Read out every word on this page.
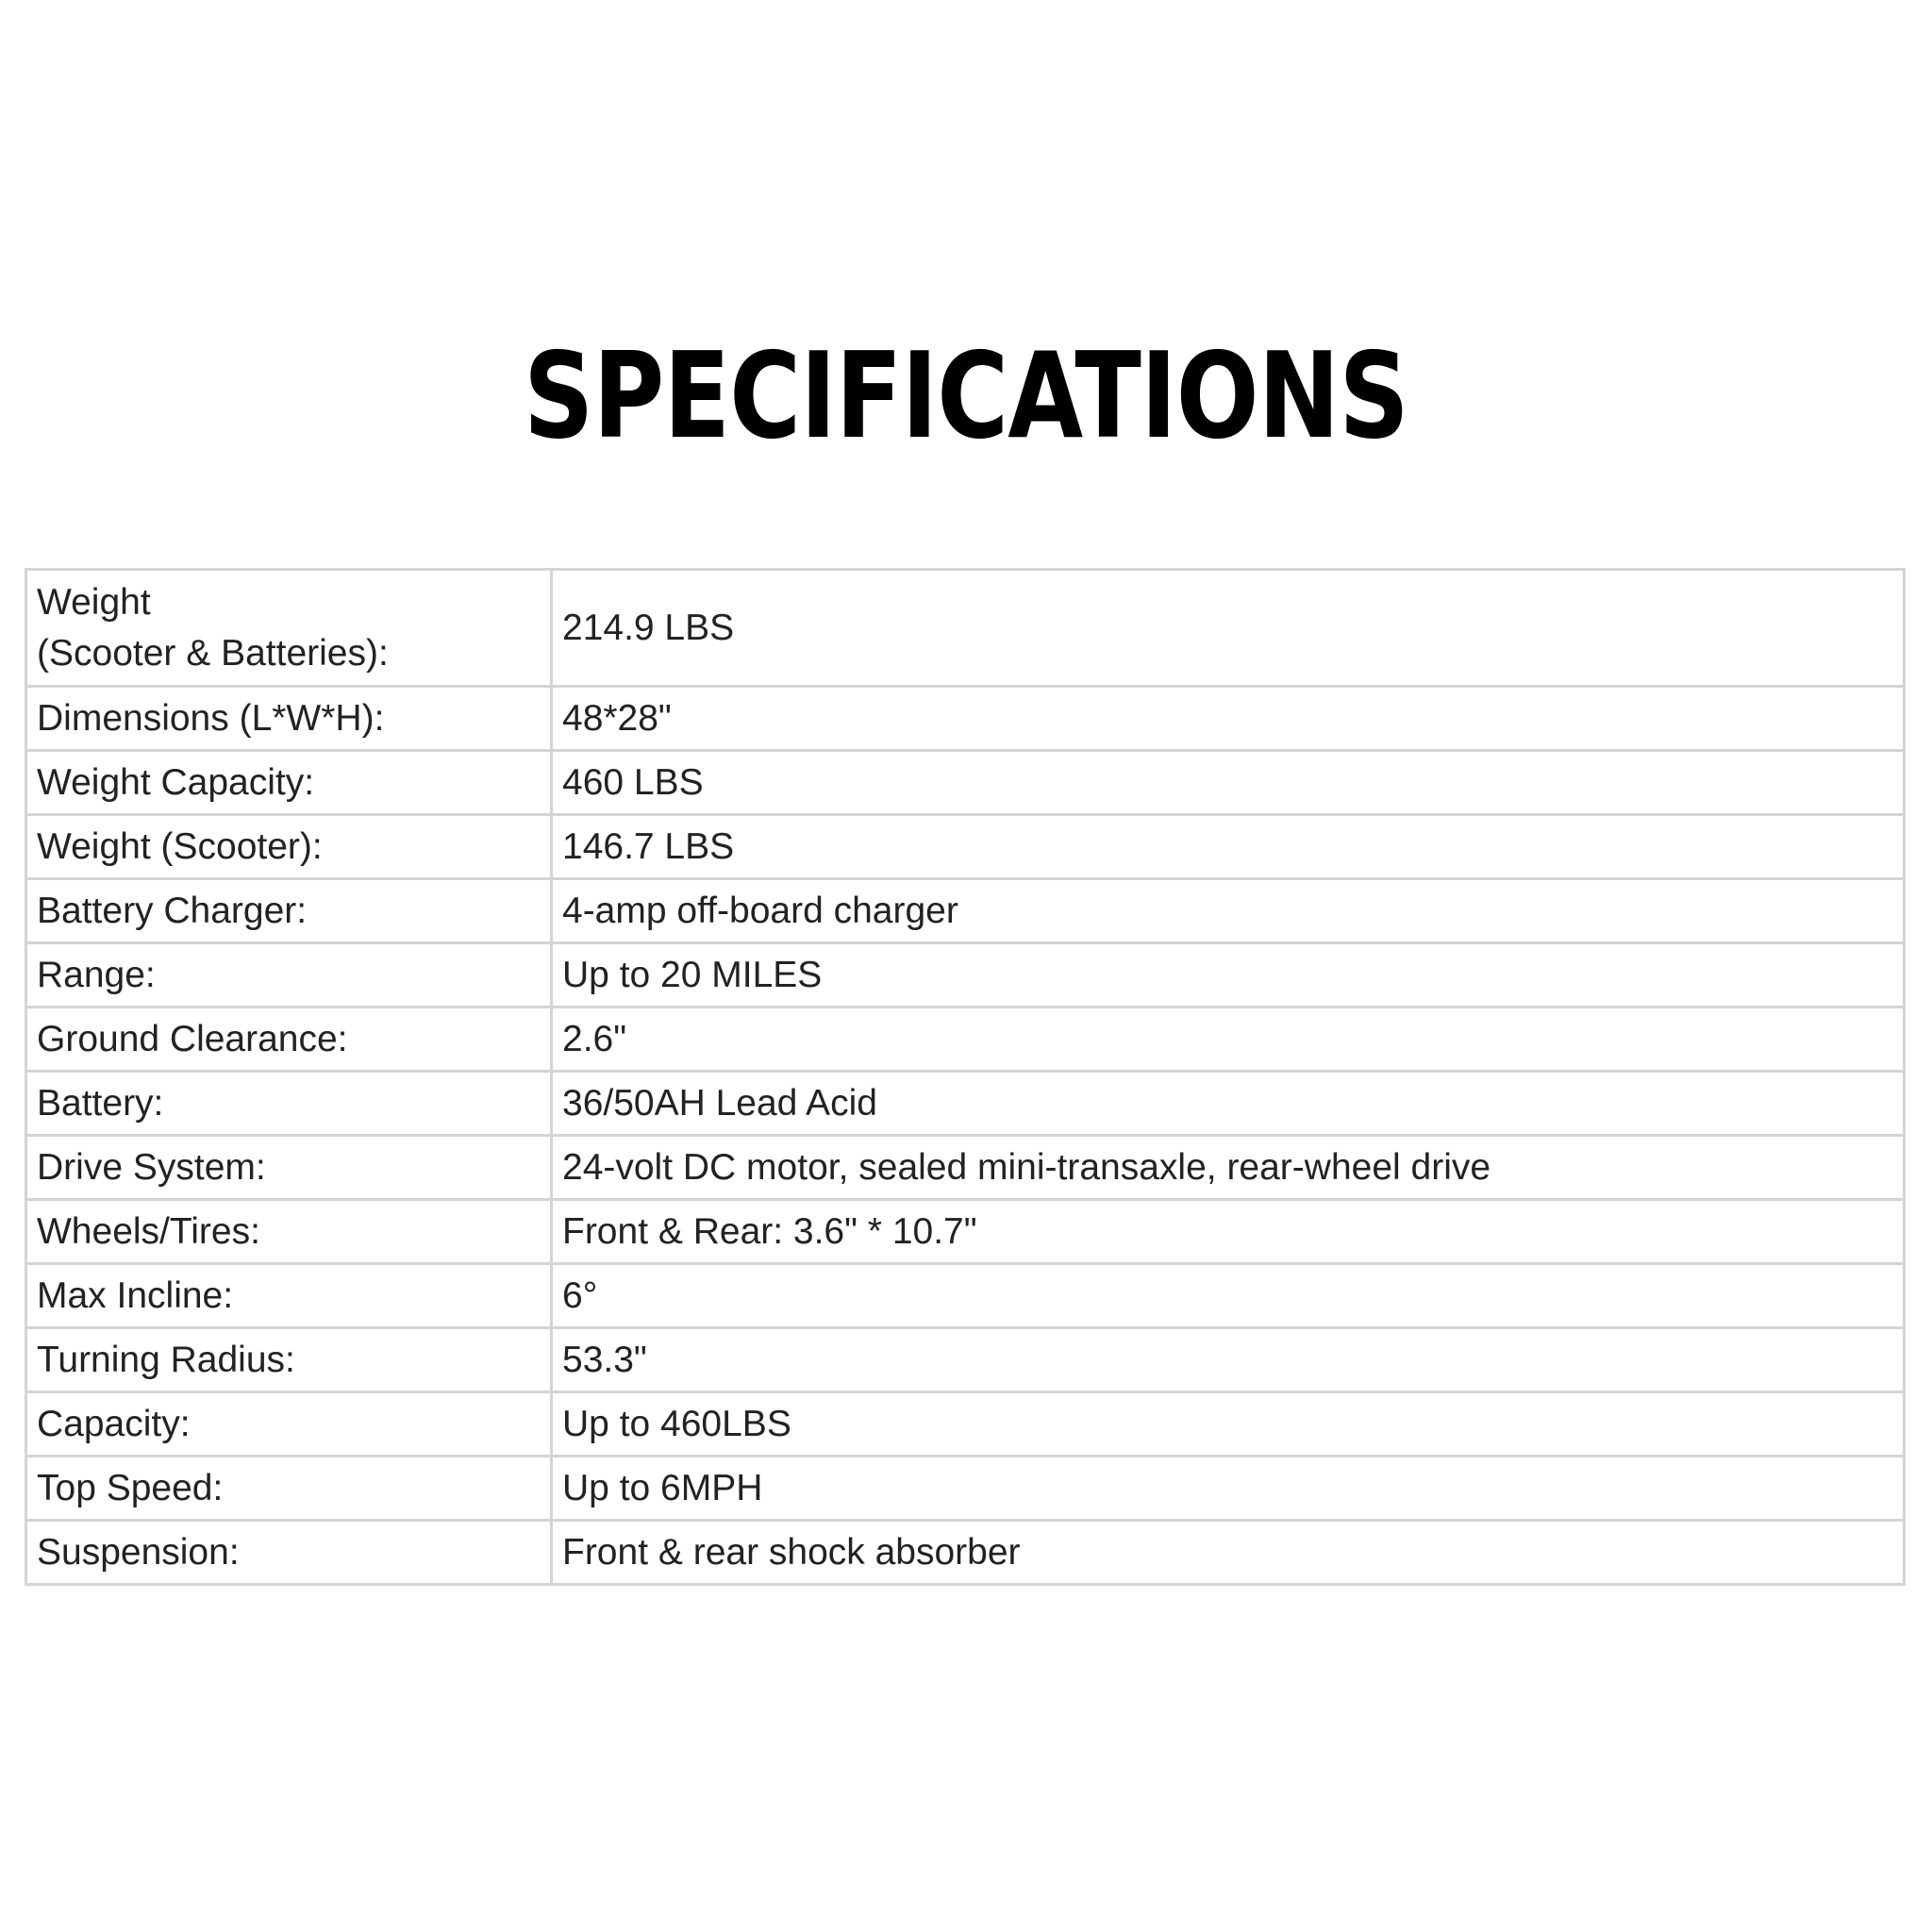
SPECIFICATIONS
Weight
(Scooter & Batteries):	214.9 LBS
Dimensions (L*W*H):	48*28"
Weight Capacity:	460 LBS
Weight (Scooter):	146.7 LBS
Battery Charger:	4-amp off-board charger
Range:	Up to 20 MILES
Ground Clearance:	2.6"
Battery:	36/50AH Lead Acid
Drive System:	24-volt DC motor, sealed mini-transaxle, rear-wheel drive
Wheels/Tires:	Front & Rear: 3.6" * 10.7"
Max Incline:	6°
Turning Radius:	53.3"
Capacity:	Up to 460LBS
Top Speed:	Up to 6MPH
Suspension:	Front & rear shock absorber
